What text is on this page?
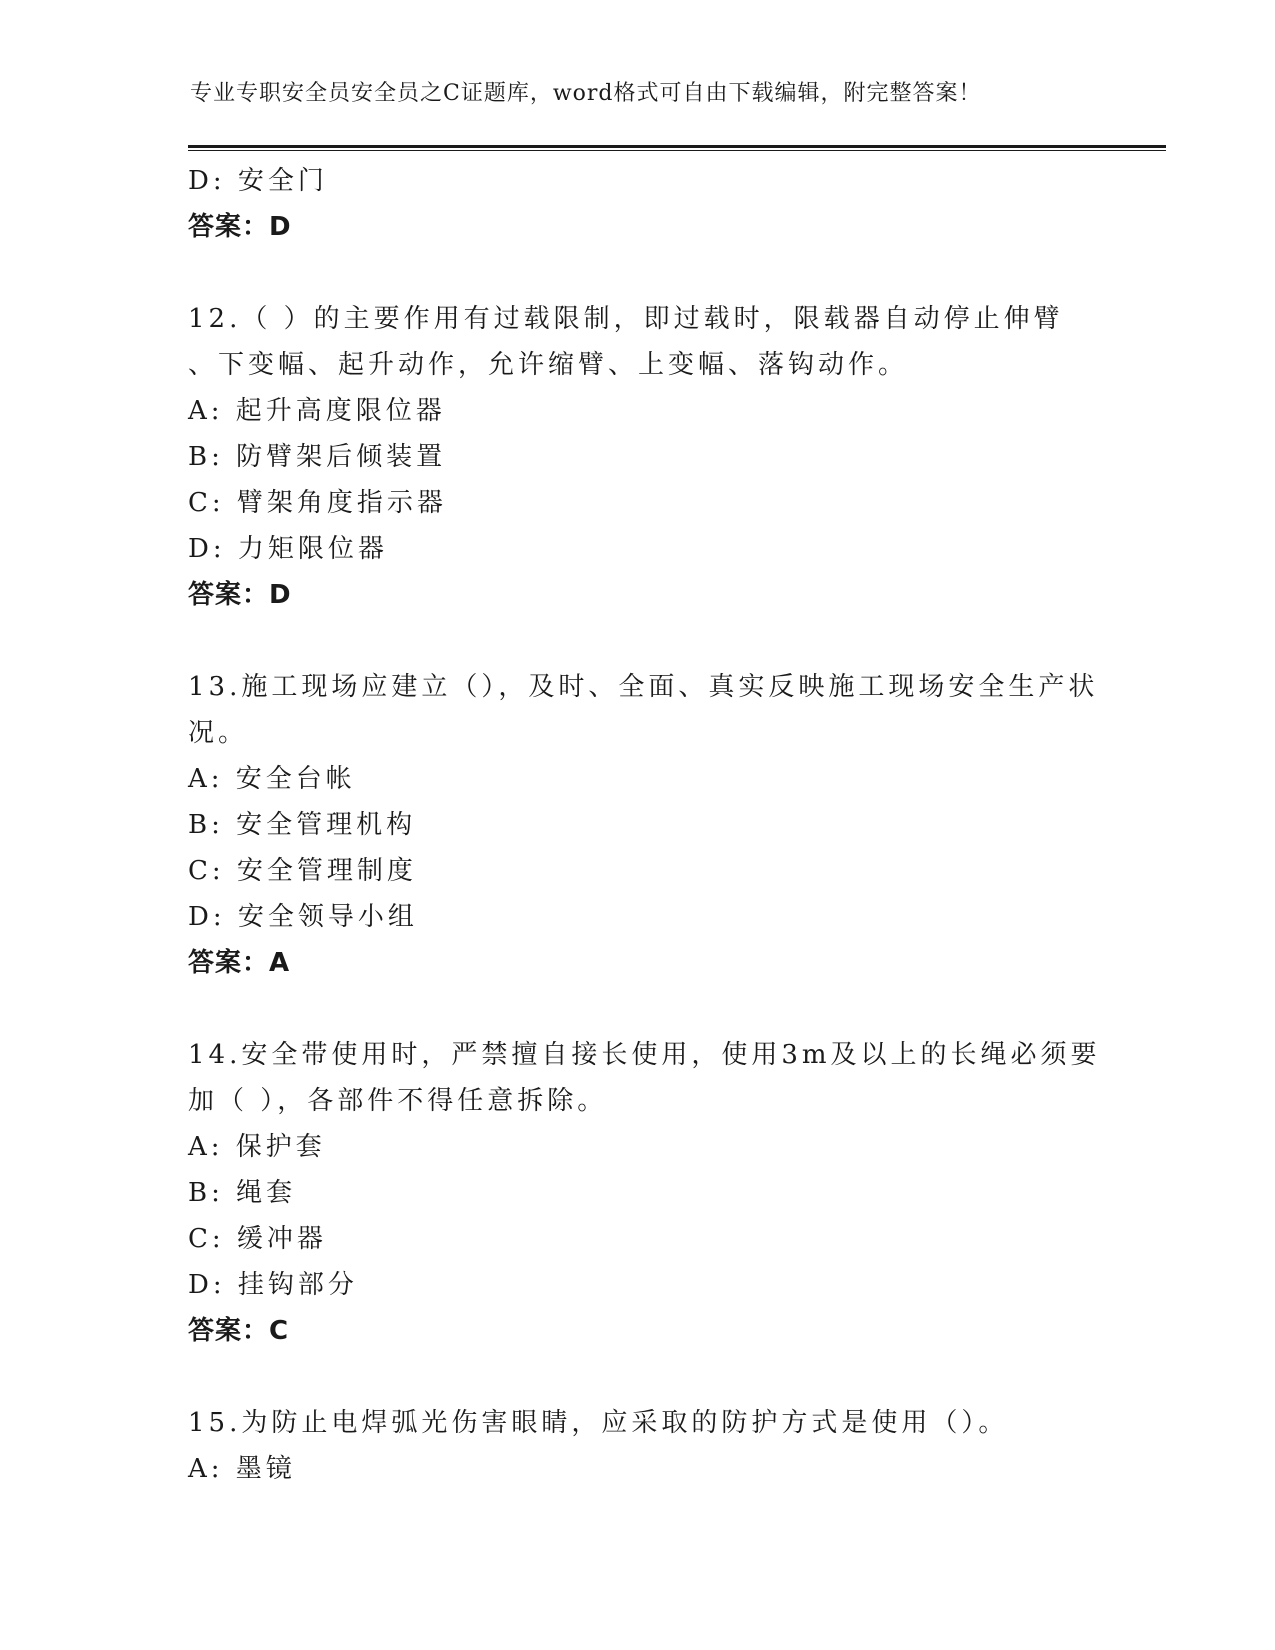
专业专职安全员安全员之C证题库，word格式可自由下载编辑，附完整答案！
D: 安全门
答案：D
12.（ ）的主要作用有过载限制，即过载时，限载器自动停止伸臂
、下变幅、起升动作，允许缩臂、上变幅、落钩动作。
A: 起升高度限位器
B: 防臂架后倾装置
C: 臂架角度指示器
D: 力矩限位器
答案：D
13.施工现场应建立（），及时、全面、真实反映施工现场安全生产状
况。
A: 安全台帐
B: 安全管理机构
C: 安全管理制度
D: 安全领导小组
答案：A
14.安全带使用时，严禁擅自接长使用，使用3m及以上的长绳必须要
加（ ），各部件不得任意拆除。
A: 保护套
B: 绳套
C: 缓冲器
D: 挂钩部分
答案：C
15.为防止电焊弧光伤害眼睛，应采取的防护方式是使用（）。
A: 墨镜
